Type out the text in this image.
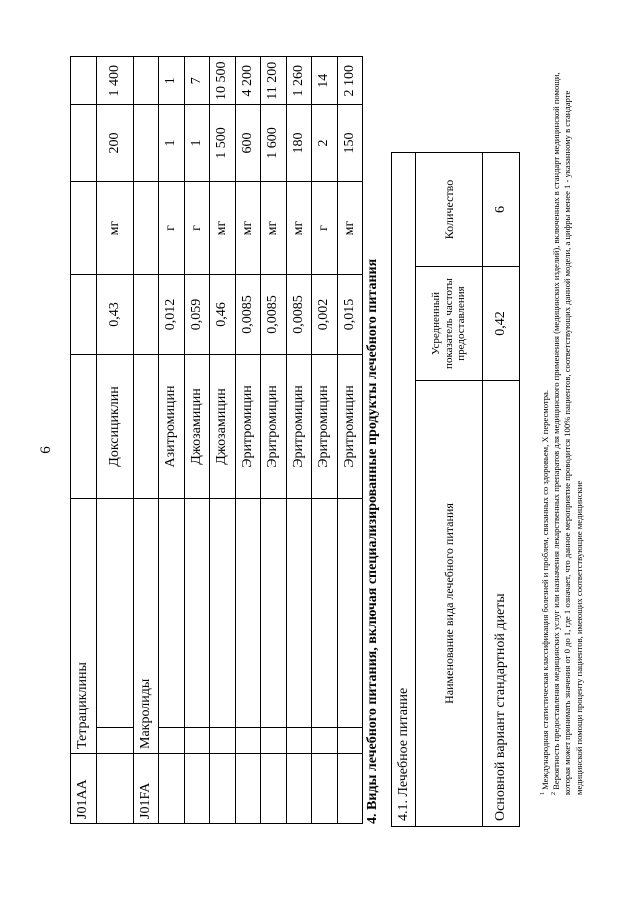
6
J01AA	Тетрациклины						
			Доксициклин	0,43	мг	200	1 400
J01FA	Макролиды						
			Азитромицин	0,012	г	1	1
			Джозамицин	0,059	г	1	7
			Джозамицин	0,46	мг	1 500	10 500
			Эритромицин	0,0085	мг	600	4 200
			Эритромицин	0,0085	мг	1 600	11 200
			Эритромицин	0,0085	мг	180	1 260
			Эритромицин	0,002	г	2	14
			Эритромицин	0,015	мг	150	2 100
4. Виды лечебного питания, включая специализированные продукты лечебного питания 4.1. Лечебное питание		
Наименование вида лечебного питания	Усредненный показатель частоты предоставления	Количество
Основной вариант стандартной диеты	0,42	6

$^1$ Международная статистическая классификация болезней и проблем, связанных со здоровьем, X пересмотра.

$^2$ Вероятность предоставления медицинских услуг или назначения лекарственных препаратов для медицинского применения (медицинских изделий), включенных в стандарт медицинской помощи, которая может принимать значения от 0 до 1, где 1 означает, что данное мероприятие проводится 100% пациентов, соответствующих данной модели, а цифры менее 1 - указанному в стандарте медицинской помощи проценту пациентов, имеющих соответствующие медицинские
